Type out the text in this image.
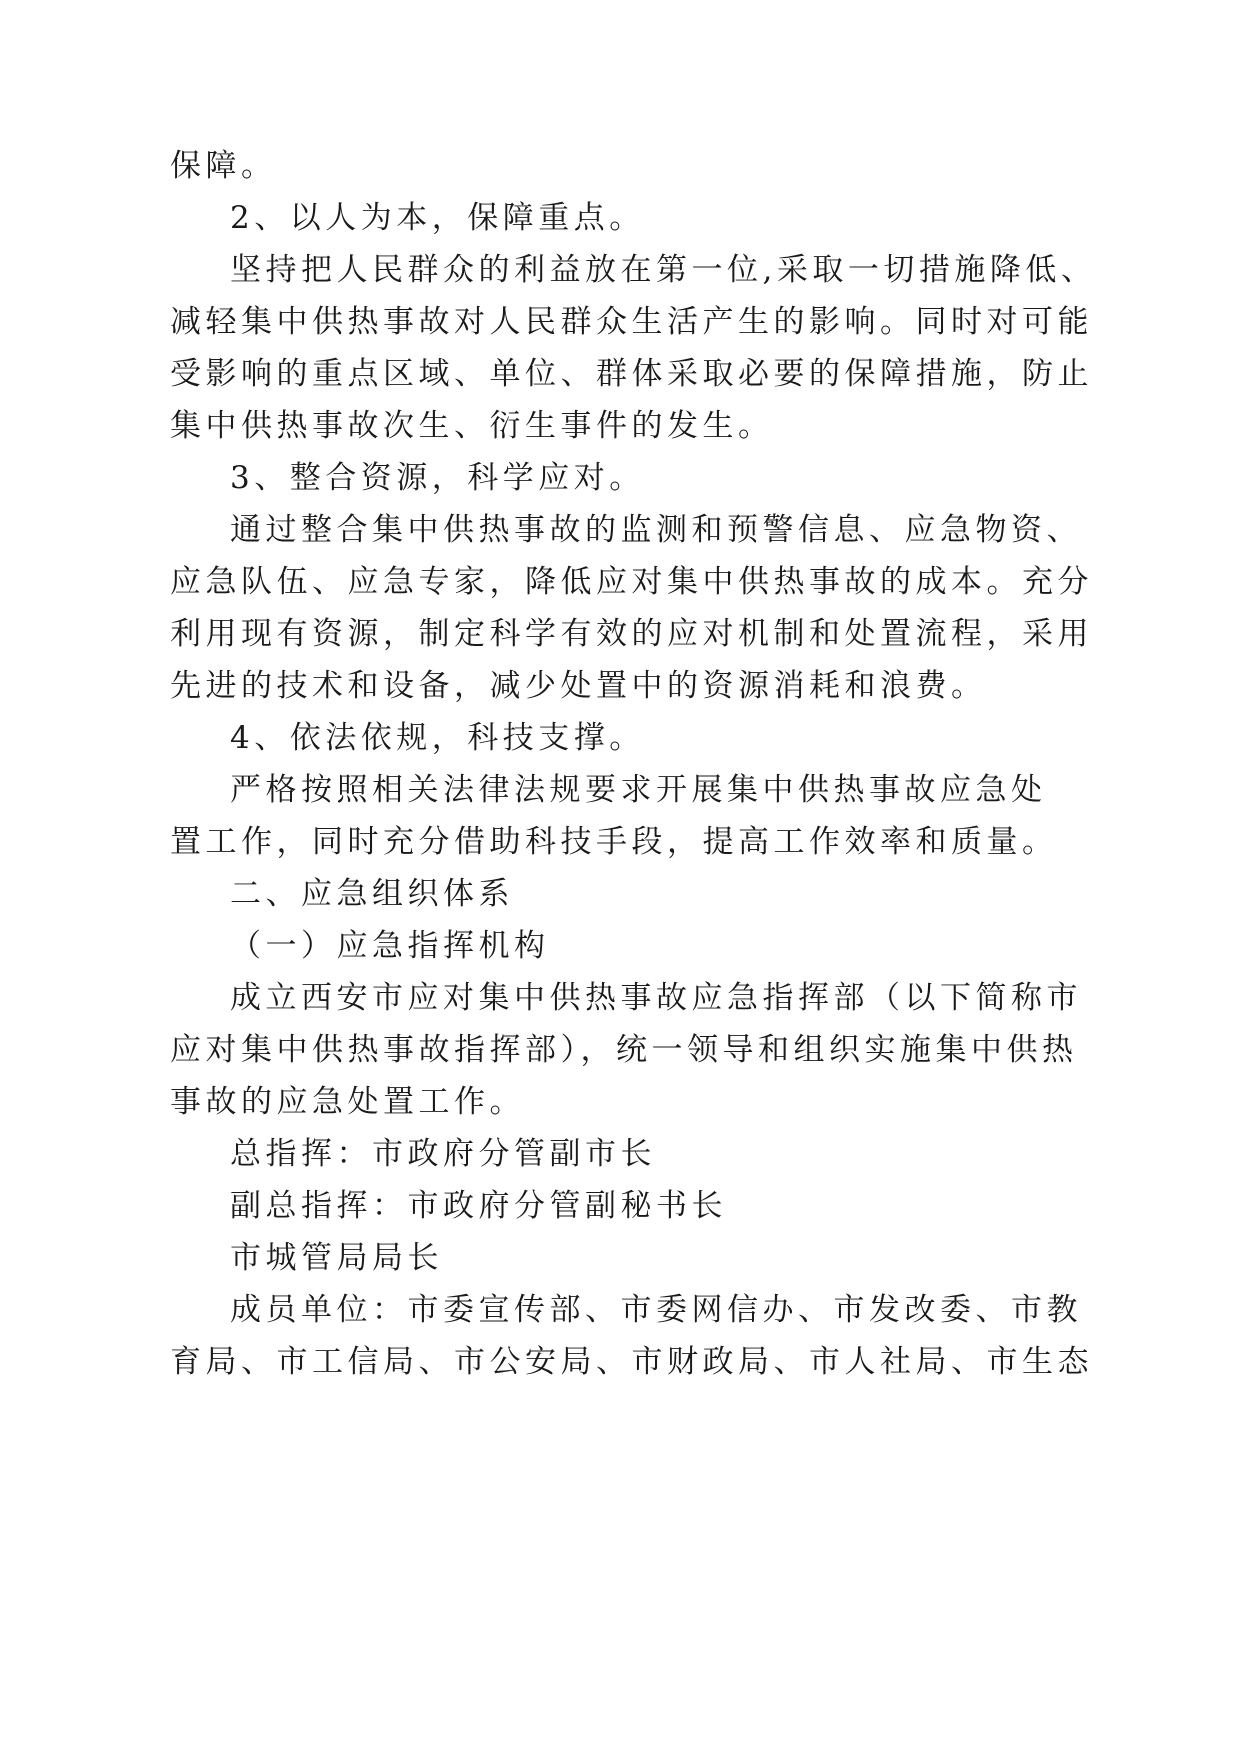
保障。
2、以人为本，保障重点。
坚持把人民群众的利益放在第一位,采取一切措施降低、
减轻集中供热事故对人民群众生活产生的影响。同时对可能
受影响的重点区域、单位、群体采取必要的保障措施，防止
集中供热事故次生、衍生事件的发生。
3、整合资源，科学应对。
通过整合集中供热事故的监测和预警信息、应急物资、
应急队伍、应急专家，降低应对集中供热事故的成本。充分
利用现有资源，制定科学有效的应对机制和处置流程，采用
先进的技术和设备，减少处置中的资源消耗和浪费。
4、依法依规，科技支撑。
严格按照相关法律法规要求开展集中供热事故应急处
置工作，同时充分借助科技手段，提高工作效率和质量。
二、应急组织体系
（一）应急指挥机构
成立西安市应对集中供热事故应急指挥部（以下简称市
应对集中供热事故指挥部），统一领导和组织实施集中供热
事故的应急处置工作。
总指挥：市政府分管副市长
副总指挥：市政府分管副秘书长
市城管局局长
成员单位：市委宣传部、市委网信办、市发改委、市教
育局、市工信局、市公安局、市财政局、市人社局、市生态
